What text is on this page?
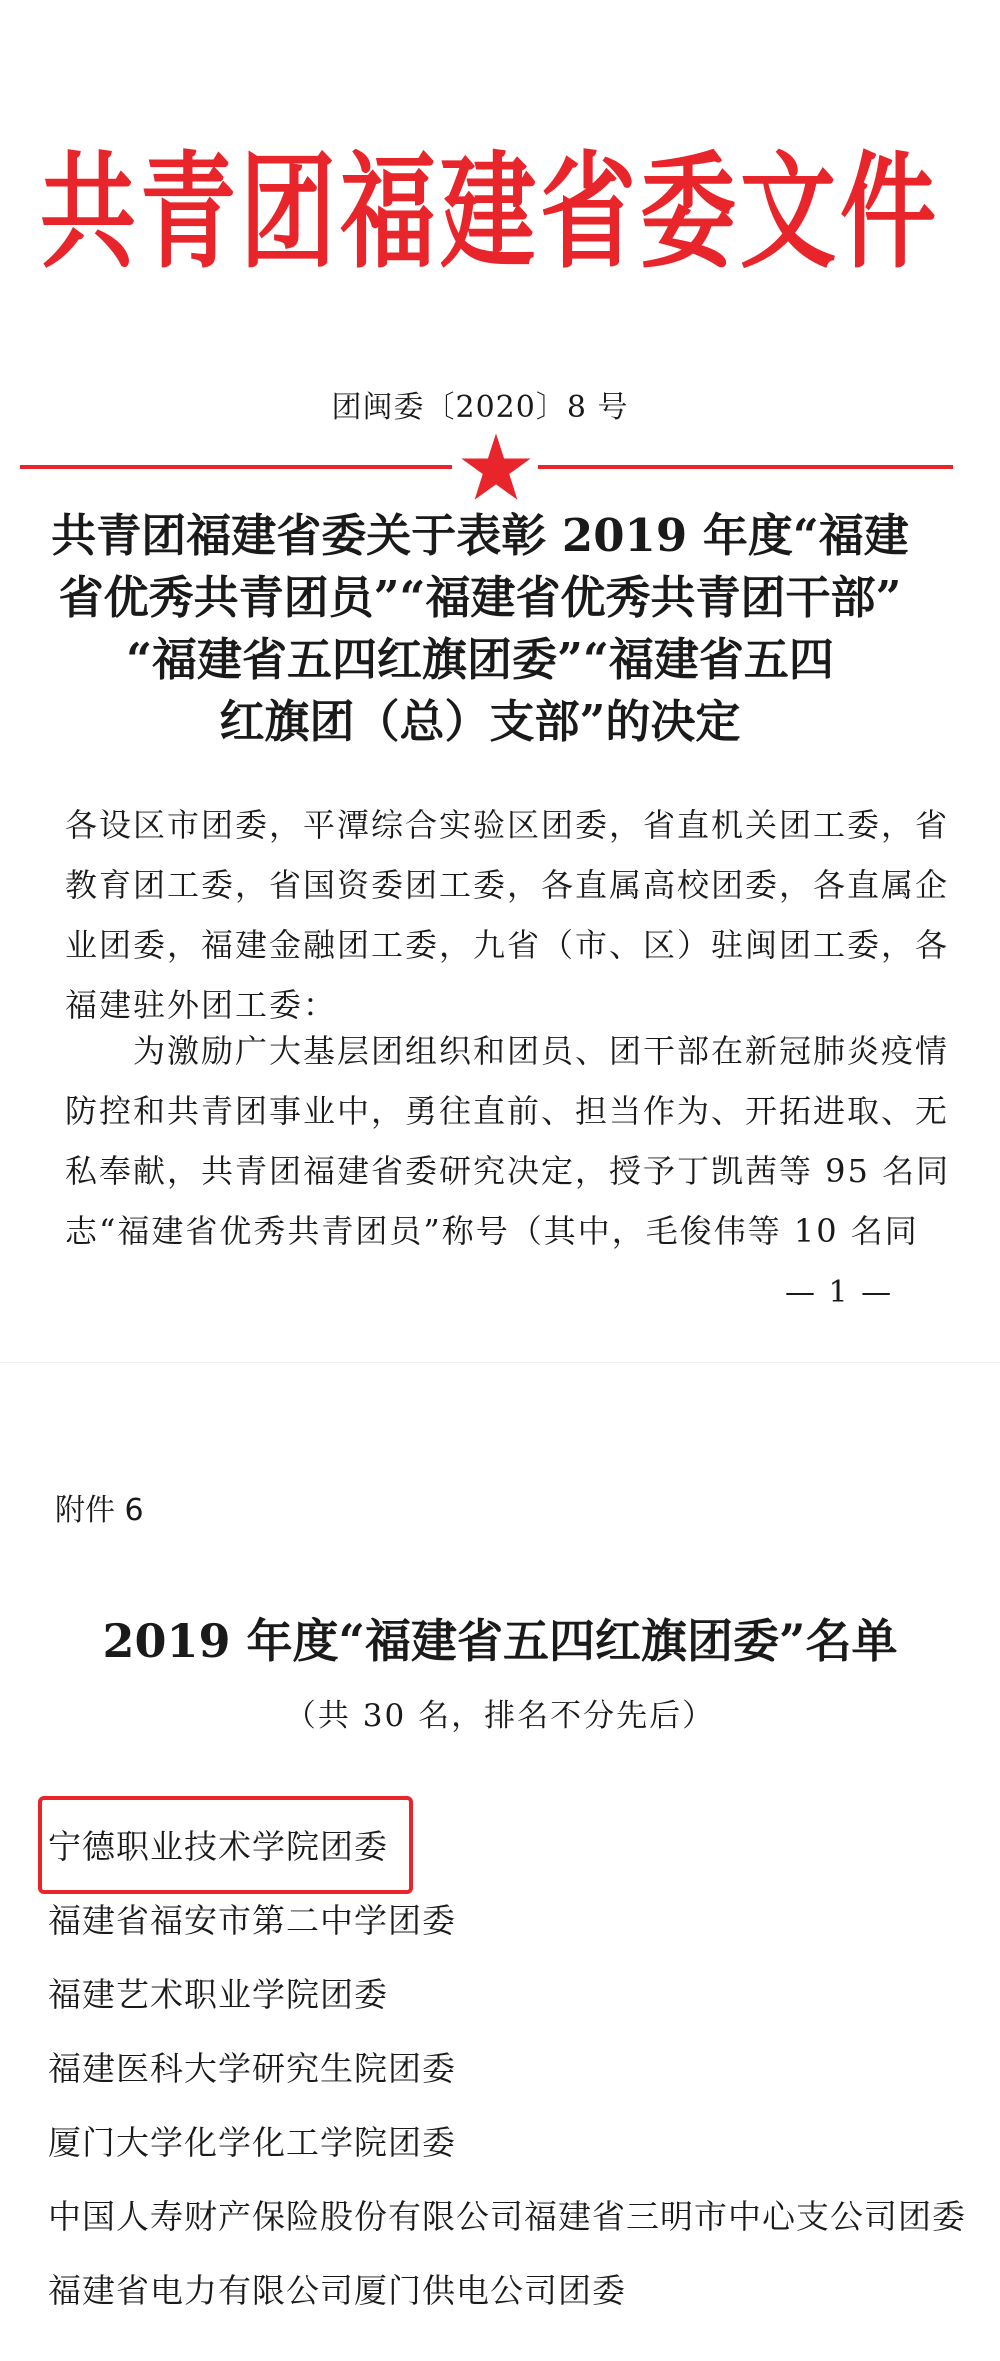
共青团福建省委文件
团闽委〔2020〕8 号
共青团福建省委关于表彰 2019 年度“福建
省优秀共青团员”“福建省优秀共青团干部”
“福建省五四红旗团委”“福建省五四
红旗团（总）支部”的决定
各设区市团委，平潭综合实验区团委，省直机关团工委，省
教育团工委，省国资委团工委，各直属高校团委，各直属企
业团委，福建金融团工委，九省（市、区）驻闽团工委，各
福建驻外团工委：
为激励广大基层团组织和团员、团干部在新冠肺炎疫情
防控和共青团事业中，勇往直前、担当作为、开拓进取、无
私奉献，共青团福建省委研究决定，授予丁凯茜等 95 名同
志“福建省优秀共青团员”称号（其中，毛俊伟等 10 名同
— 1 —
附件 6
2019 年度“福建省五四红旗团委”名单
（共 30 名，排名不分先后）
宁德职业技术学院团委
福建省福安市第二中学团委
福建艺术职业学院团委
福建医科大学研究生院团委
厦门大学化学化工学院团委
中国人寿财产保险股份有限公司福建省三明市中心支公司团委
福建省电力有限公司厦门供电公司团委
